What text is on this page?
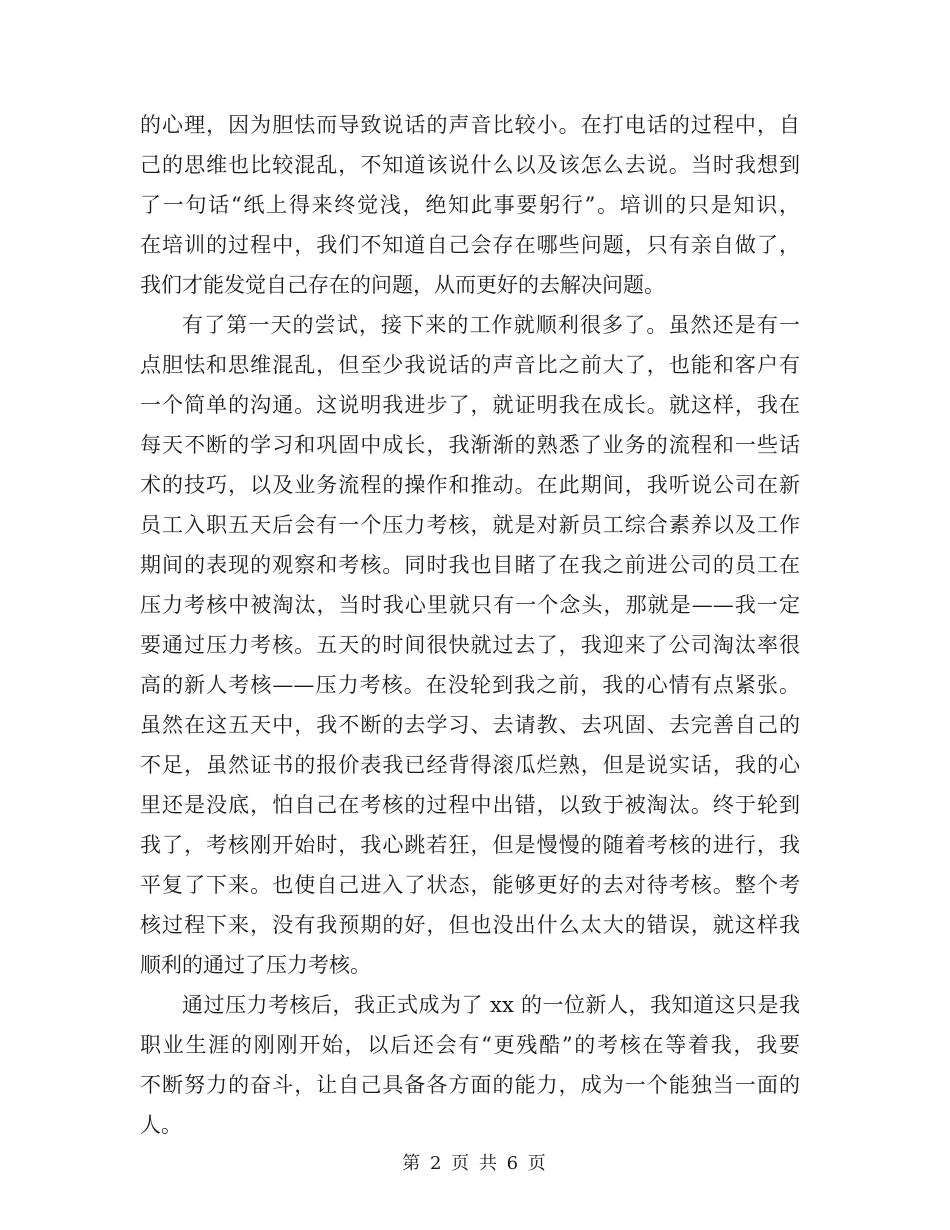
的心理，因为胆怯而导致说话的声音比较小。在打电话的过程中，自
己的思维也比较混乱，不知道该说什么以及该怎么去说。当时我想到
了一句话“纸上得来终觉浅，绝知此事要躬行”。培训的只是知识，
在培训的过程中，我们不知道自己会存在哪些问题，只有亲自做了，
我们才能发觉自己存在的问题，从而更好的去解决问题。
有了第一天的尝试，接下来的工作就顺利很多了。虽然还是有一
点胆怯和思维混乱，但至少我说话的声音比之前大了，也能和客户有
一个简单的沟通。这说明我进步了，就证明我在成长。就这样，我在
每天不断的学习和巩固中成长，我渐渐的熟悉了业务的流程和一些话
术的技巧，以及业务流程的操作和推动。在此期间，我听说公司在新
员工入职五天后会有一个压力考核，就是对新员工综合素养以及工作
期间的表现的观察和考核。同时我也目睹了在我之前进公司的员工在
压力考核中被淘汰，当时我心里就只有一个念头，那就是——我一定
要通过压力考核。五天的时间很快就过去了，我迎来了公司淘汰率很
高的新人考核——压力考核。在没轮到我之前，我的心情有点紧张。
虽然在这五天中，我不断的去学习、去请教、去巩固、去完善自己的
不足，虽然证书的报价表我已经背得滚瓜烂熟，但是说实话，我的心
里还是没底，怕自己在考核的过程中出错，以致于被淘汰。终于轮到
我了，考核刚开始时，我心跳若狂，但是慢慢的随着考核的进行，我
平复了下来。也使自己进入了状态，能够更好的去对待考核。整个考
核过程下来，没有我预期的好，但也没出什么太大的错误，就这样我
顺利的通过了压力考核。
通过压力考核后，我正式成为了 xx 的一位新人，我知道这只是我
职业生涯的刚刚开始，以后还会有“更残酷”的考核在等着我，我要
不断努力的奋斗，让自己具备各方面的能力，成为一个能独当一面的
人。
第 2 页 共 6 页
